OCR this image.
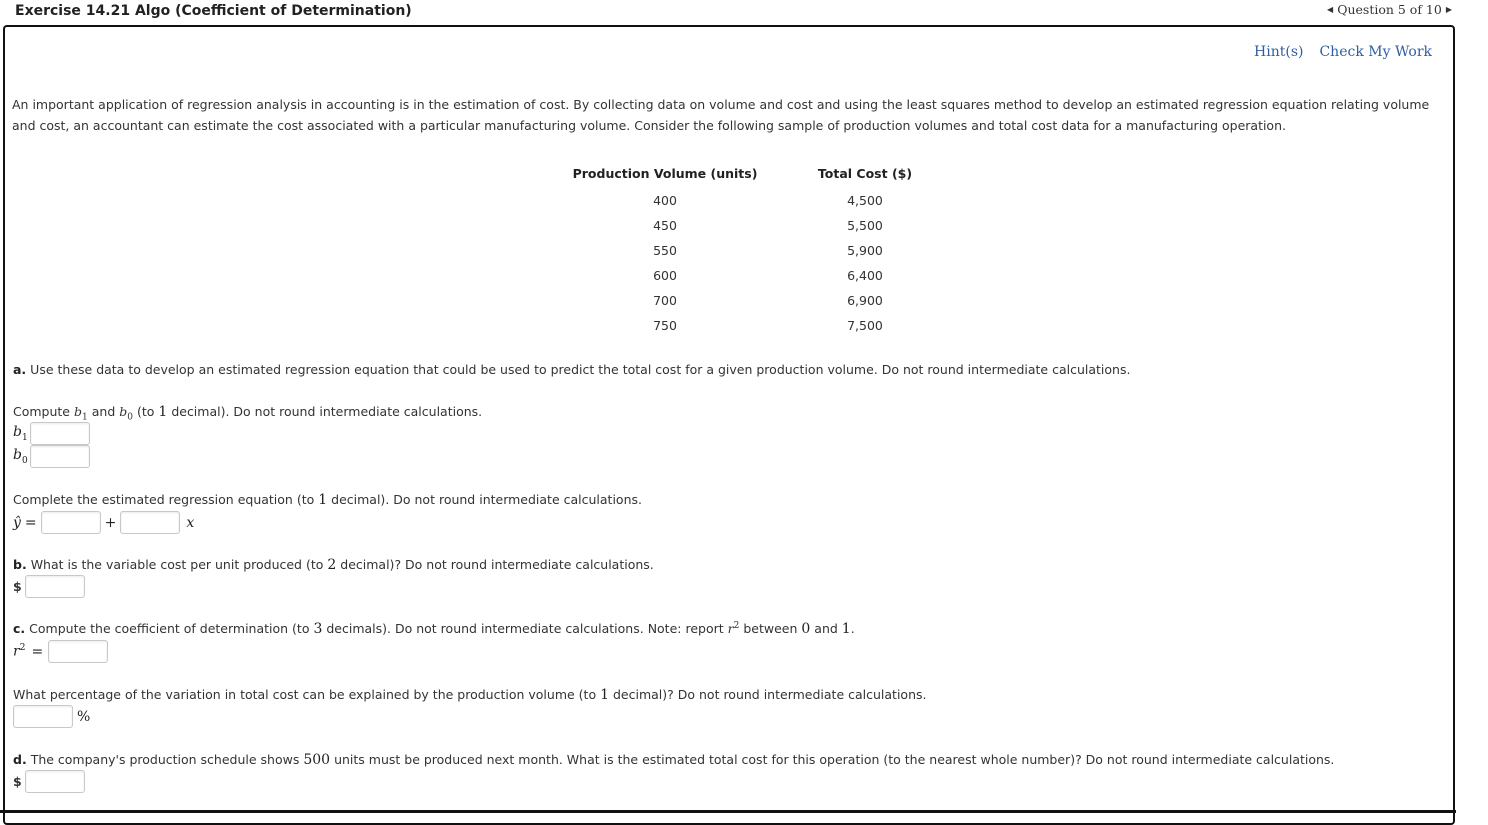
Exercise 14.21 Algo (Coefficient of Determination)	◀ Question 5 of 10 ▶
Hint(s) Check My Work
An important application of regression analysis in accounting is in the estimation of cost. By collecting data on volume and cost and using the least squares method to develop an estimated regression equation relating volume and cost, an accountant can estimate the cost associated with a particular manufacturing volume. Consider the following sample of production volumes and total cost data for a manufacturing operation.
Production Volume (units)	Total Cost ($)
400	4,500
450	5,500
550	5,900
600	6,400
700	6,900
750	7,500
a. Use these data to develop an estimated regression equation that could be used to predict the total cost for a given production volume. Do not round intermediate calculations.
Compute $b_1$ and $b_0$ (to 1 decimal). Do not round intermediate calculations.
$b_1$
$b_0$
Complete the estimated regression equation (to 1 decimal). Do not round intermediate calculations.
ŷ =	+	x
b. What is the variable cost per unit produced (to 2 decimal)? Do not round intermediate calculations.
$
c. Compute the coefficient of determination (to 3 decimals). Do not round intermediate calculations. Note: report $r^2$ between 0 and 1.
$r^2$ =
What percentage of the variation in total cost can be explained by the production volume (to 1 decimal)? Do not round intermediate calculations.
%
d. The company's production schedule shows 500 units must be produced next month. What is the estimated total cost for this operation (to the nearest whole number)? Do not round intermediate calculations.
$
